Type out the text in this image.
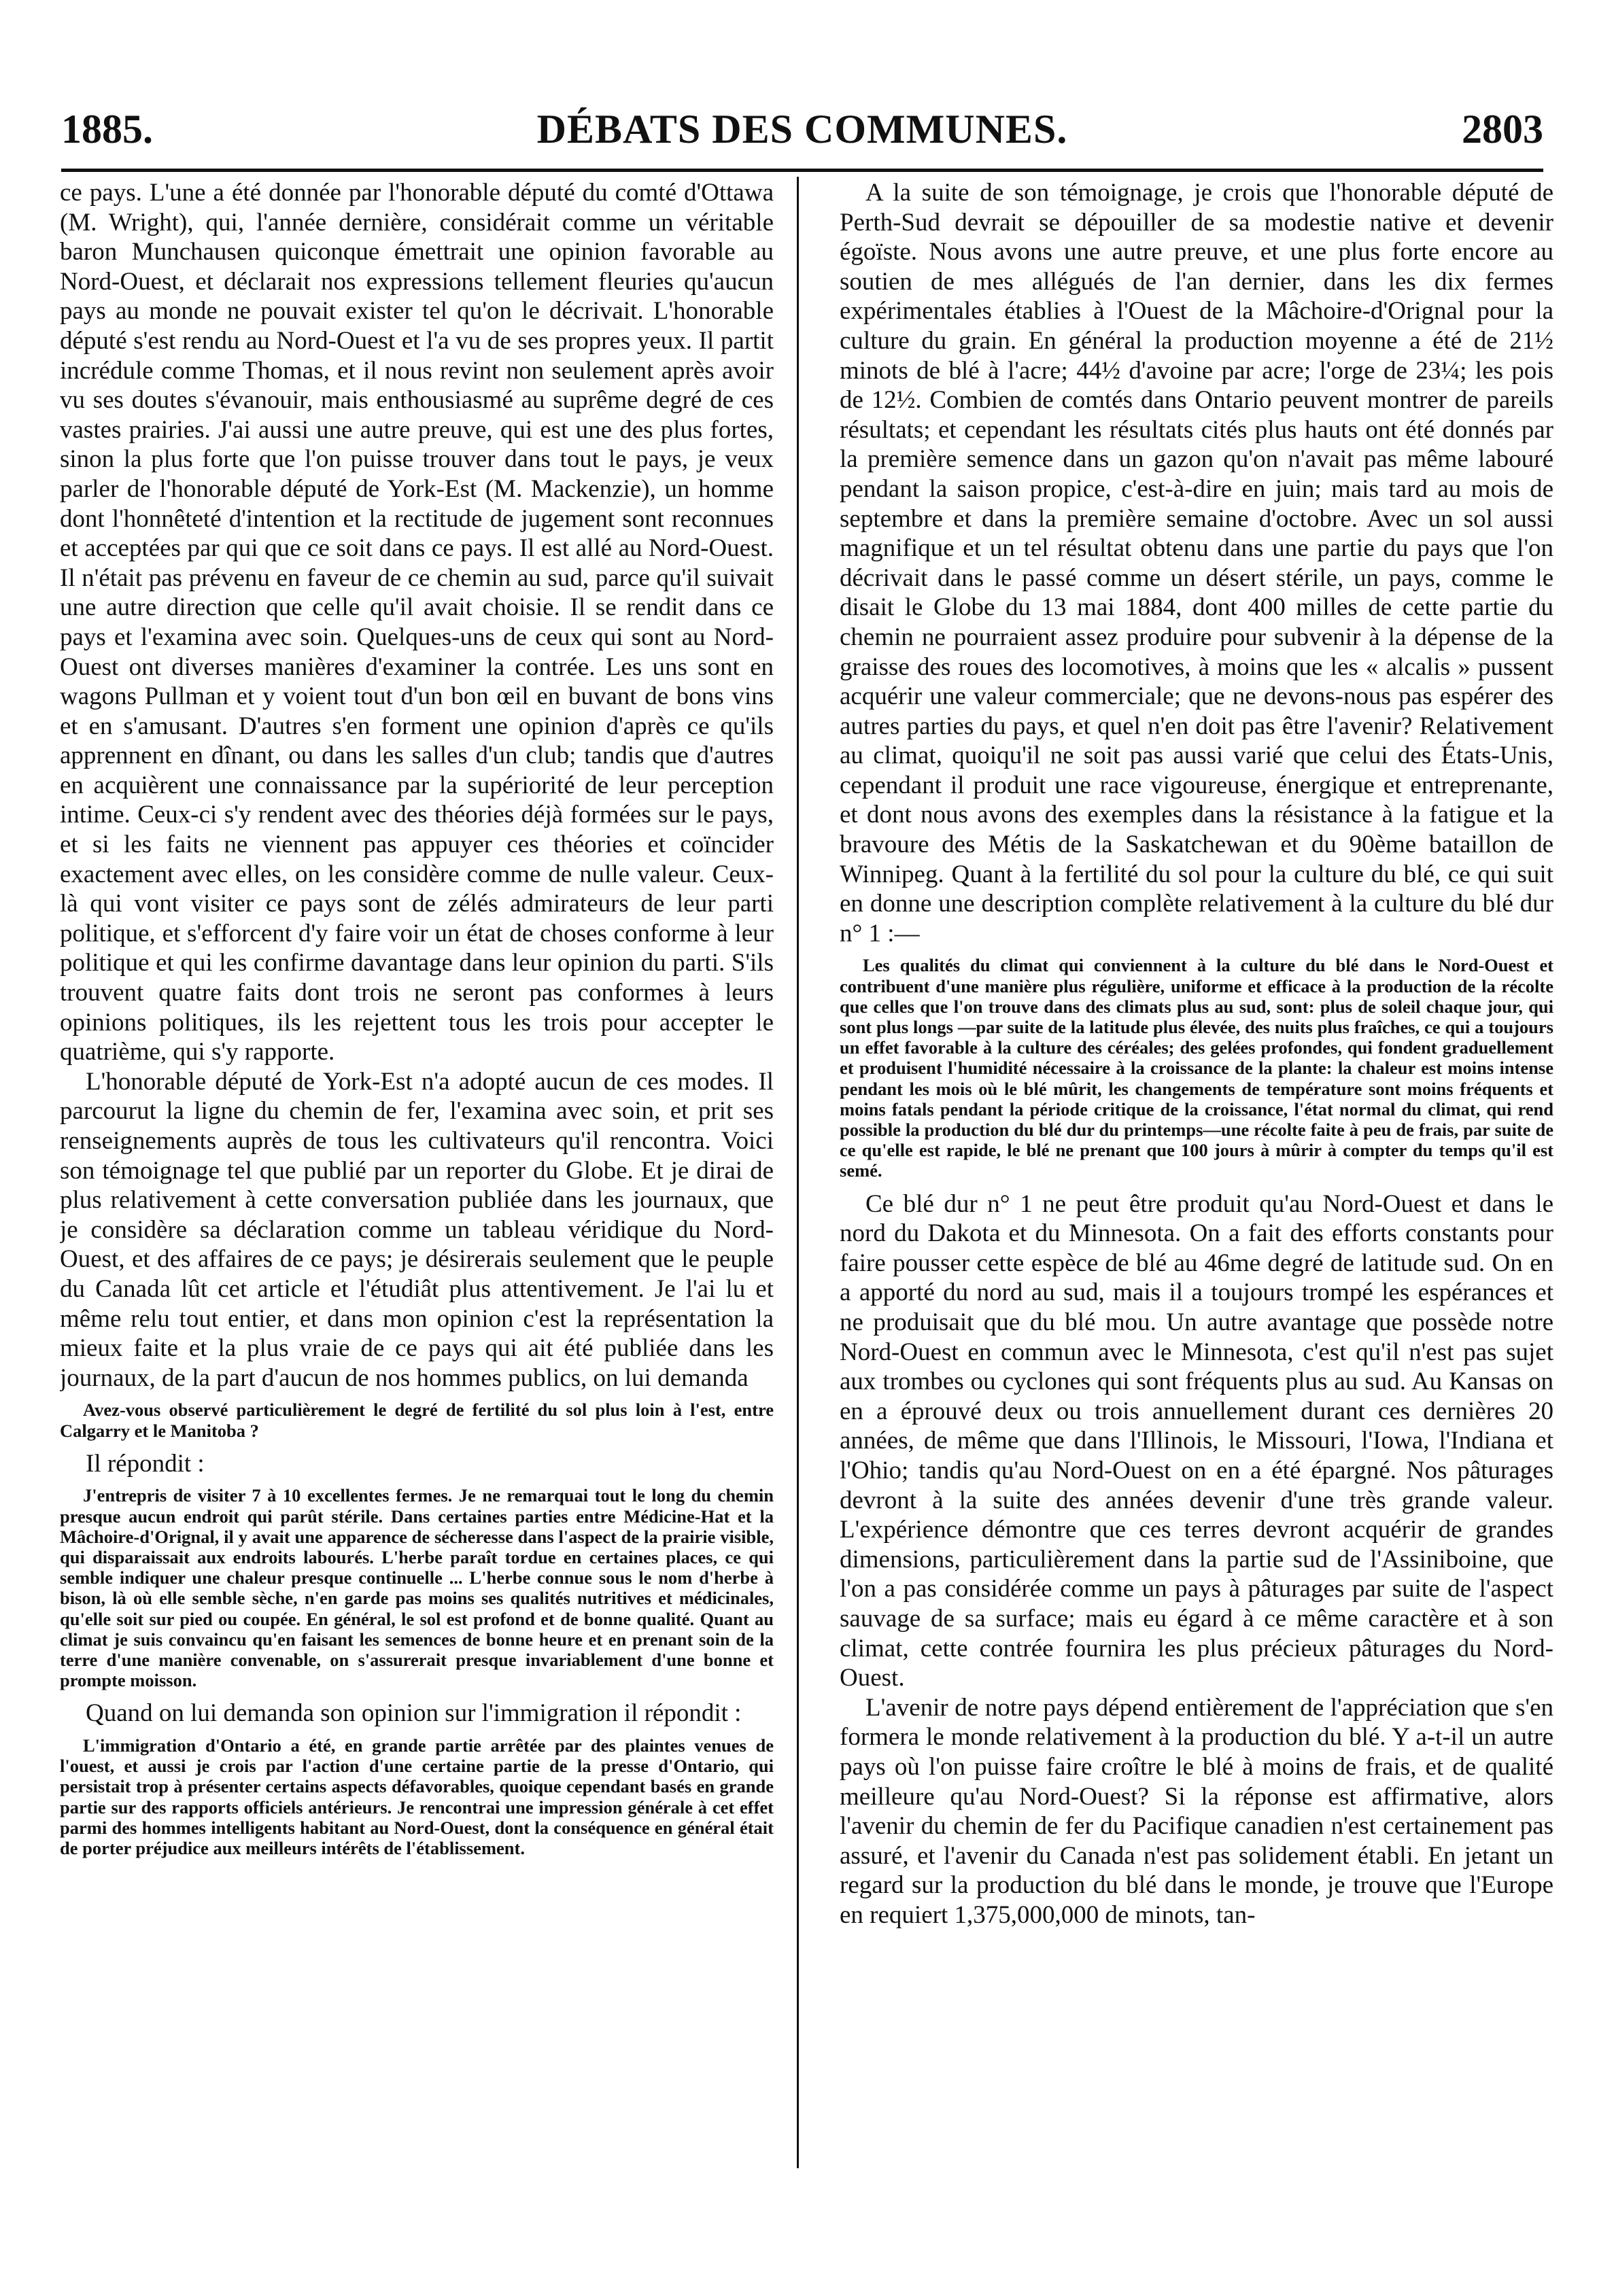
1885.	DÉBATS DES COMMUNES.	2803

ce pays. L'une a été donnée par l'honorable député du comté d'Ottawa (M. Wright), qui, l'année dernière, considérait comme un véritable baron Munchausen quiconque émettrait une opinion favorable au Nord-Ouest, et déclarait nos expressions tellement fleuries qu'aucun pays au monde ne pouvait exister tel qu'on le décrivait. L'honorable député s'est rendu au Nord-Ouest et l'a vu de ses propres yeux. Il partit incrédule comme Thomas, et il nous revint non seulement après avoir vu ses doutes s'évanouir, mais enthousiasmé au suprême degré de ces vastes prairies. J'ai aussi une autre preuve, qui est une des plus fortes, sinon la plus forte que l'on puisse trouver dans tout le pays, je veux parler de l'honorable député de York-Est (M. Mackenzie), un homme dont l'honnêteté d'intention et la rectitude de jugement sont reconnues et acceptées par qui que ce soit dans ce pays. Il est allé au Nord-Ouest. Il n'était pas prévenu en faveur de ce chemin au sud, parce qu'il suivait une autre direction que celle qu'il avait choisie. Il se rendit dans ce pays et l'examina avec soin. Quelques-uns de ceux qui sont au Nord-Ouest ont diverses manières d'examiner la contrée. Les uns sont en wagons Pullman et y voient tout d'un bon œil en buvant de bons vins et en s'amusant. D'autres s'en forment une opinion d'après ce qu'ils apprennent en dînant, ou dans les salles d'un club; tandis que d'autres en acquièrent une connaissance par la supériorité de leur perception intime. Ceux-ci s'y rendent avec des théories déjà formées sur le pays, et si les faits ne viennent pas appuyer ces théories et coïncider exactement avec elles, on les considère comme de nulle valeur. Ceux-là qui vont visiter ce pays sont de zélés admirateurs de leur parti politique, et s'efforcent d'y faire voir un état de choses conforme à leur politique et qui les confirme davantage dans leur opinion du parti. S'ils trouvent quatre faits dont trois ne seront pas conformes à leurs opinions politiques, ils les rejettent tous les trois pour accepter le quatrième, qui s'y rapporte.

L'honorable député de York-Est n'a adopté aucun de ces modes. Il parcourut la ligne du chemin de fer, l'examina avec soin, et prit ses renseignements auprès de tous les cultivateurs qu'il rencontra. Voici son témoignage tel que publié par un reporter du Globe. Et je dirai de plus relativement à cette conversation publiée dans les journaux, que je considère sa déclaration comme un tableau véridique du Nord-Ouest, et des affaires de ce pays; je désirerais seulement que le peuple du Canada lût cet article et l'étudiât plus attentivement. Je l'ai lu et même relu tout entier, et dans mon opinion c'est la représentation la mieux faite et la plus vraie de ce pays qui ait été publiée dans les journaux, de la part d'aucun de nos hommes publics, on lui demanda

Avez-vous observé particulièrement le degré de fertilité du sol plus loin à l'est, entre Calgarry et le Manitoba ?

Il répondit :

J'entrepris de visiter 7 à 10 excellentes fermes. Je ne remarquai tout le long du chemin presque aucun endroit qui parût stérile. Dans certaines parties entre Médicine-Hat et la Mâchoire-d'Orignal, il y avait une apparence de sécheresse dans l'aspect de la prairie visible, qui disparaissait aux endroits labourés. L'herbe paraît tordue en certaines places, ce qui semble indiquer une chaleur presque continuelle ... L'herbe connue sous le nom d'herbe à bison, là où elle semble sèche, n'en garde pas moins ses qualités nutritives et médicinales, qu'elle soit sur pied ou coupée. En général, le sol est profond et de bonne qualité. Quant au climat je suis convaincu qu'en faisant les semences de bonne heure et en prenant soin de la terre d'une manière convenable, on s'assurerait presque invariablement d'une bonne et prompte moisson.

Quand on lui demanda son opinion sur l'immigration il répondit :

L'immigration d'Ontario a été, en grande partie arrêtée par des plaintes venues de l'ouest, et aussi je crois par l'action d'une certaine partie de la presse d'Ontario, qui persistait trop à présenter certains aspects défavorables, quoique cependant basés en grande partie sur des rapports officiels antérieurs. Je rencontrai une impression générale à cet effet parmi des hommes intelligents habitant au Nord-Ouest, dont la conséquence en général était de porter préjudice aux meilleurs intérêts de l'établissement.

A la suite de son témoignage, je crois que l'honorable député de Perth-Sud devrait se dépouiller de sa modestie native et devenir égoïste. Nous avons une autre preuve, et une plus forte encore au soutien de mes allégués de l'an dernier, dans les dix fermes expérimentales établies à l'Ouest de la Mâchoire-d'Orignal pour la culture du grain. En général la production moyenne a été de 21½ minots de blé à l'acre; 44½ d'avoine par acre; l'orge de 23¼; les pois de 12½. Combien de comtés dans Ontario peuvent montrer de pareils résultats; et cependant les résultats cités plus hauts ont été donnés par la première semence dans un gazon qu'on n'avait pas même labouré pendant la saison propice, c'est-à-dire en juin; mais tard au mois de septembre et dans la première semaine d'octobre. Avec un sol aussi magnifique et un tel résultat obtenu dans une partie du pays que l'on décrivait dans le passé comme un désert stérile, un pays, comme le disait le Globe du 13 mai 1884, dont 400 milles de cette partie du chemin ne pourraient assez produire pour subvenir à la dépense de la graisse des roues des locomotives, à moins que les « alcalis » pussent acquérir une valeur commerciale; que ne devons-nous pas espérer des autres parties du pays, et quel n'en doit pas être l'avenir? Relativement au climat, quoiqu'il ne soit pas aussi varié que celui des États-Unis, cependant il produit une race vigoureuse, énergique et entreprenante, et dont nous avons des exemples dans la résistance à la fatigue et la bravoure des Métis de la Saskatchewan et du 90ème bataillon de Winnipeg. Quant à la fertilité du sol pour la culture du blé, ce qui suit en donne une description complète relativement à la culture du blé dur n° 1 :—

Les qualités du climat qui conviennent à la culture du blé dans le Nord-Ouest et contribuent d'une manière plus régulière, uniforme et efficace à la production de la récolte que celles que l'on trouve dans des climats plus au sud, sont: plus de soleil chaque jour, qui sont plus longs —par suite de la latitude plus élevée, des nuits plus fraîches, ce qui a toujours un effet favorable à la culture des céréales; des gelées profondes, qui fondent graduellement et produisent l'humidité nécessaire à la croissance de la plante: la chaleur est moins intense pendant les mois où le blé mûrit, les changements de température sont moins fréquents et moins fatals pendant la période critique de la croissance, l'état normal du climat, qui rend possible la production du blé dur du printemps—une récolte faite à peu de frais, par suite de ce qu'elle est rapide, le blé ne prenant que 100 jours à mûrir à compter du temps qu'il est semé.

Ce blé dur n° 1 ne peut être produit qu'au Nord-Ouest et dans le nord du Dakota et du Minnesota. On a fait des efforts constants pour faire pousser cette espèce de blé au 46me degré de latitude sud. On en a apporté du nord au sud, mais il a toujours trompé les espérances et ne produisait que du blé mou. Un autre avantage que possède notre Nord-Ouest en commun avec le Minnesota, c'est qu'il n'est pas sujet aux trombes ou cyclones qui sont fréquents plus au sud. Au Kansas on en a éprouvé deux ou trois annuellement durant ces dernières 20 années, de même que dans l'Illinois, le Missouri, l'Iowa, l'Indiana et l'Ohio; tandis qu'au Nord-Ouest on en a été épargné. Nos pâturages devront à la suite des années devenir d'une très grande valeur. L'expérience démontre que ces terres devront acquérir de grandes dimensions, particulièrement dans la partie sud de l'Assiniboine, que l'on a pas considérée comme un pays à pâturages par suite de l'aspect sauvage de sa surface; mais eu égard à ce même caractère et à son climat, cette contrée fournira les plus précieux pâturages du Nord-Ouest.

L'avenir de notre pays dépend entièrement de l'appréciation que s'en formera le monde relativement à la production du blé. Y a-t-il un autre pays où l'on puisse faire croître le blé à moins de frais, et de qualité meilleure qu'au Nord-Ouest? Si la réponse est affirmative, alors l'avenir du chemin de fer du Pacifique canadien n'est certainement pas assuré, et l'avenir du Canada n'est pas solidement établi. En jetant un regard sur la production du blé dans le monde, je trouve que l'Europe en requiert 1,375,000,000 de minots, tan-
